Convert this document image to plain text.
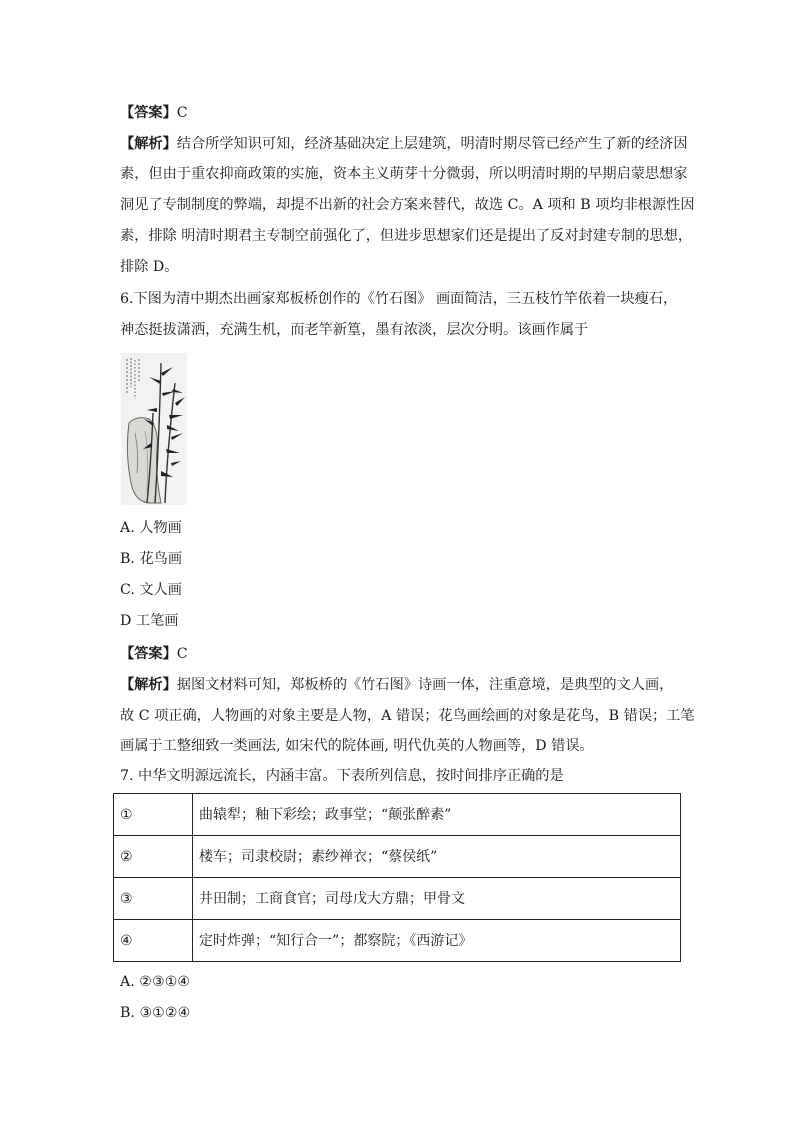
【答案】C
【解析】结合所学知识可知，经济基础决定上层建筑，明清时期尽管已经产生了新的经济因
素，但由于重农抑商政策的实施，资本主义萌芽十分微弱，所以明清时期的早期启蒙思想家
洞见了专制制度的弊端，却提不出新的社会方案来替代，故选 C。A 项和 B 项均非根源性因
素，排除 明清时期君主专制空前强化了，但进步思想家们还是提出了反对封建专制的思想，
排除 D。
6.下图为清中期杰出画家郑板桥创作的《竹石图》 画面简洁，三五枝竹竿依着一块瘦石，
神态挺拔潇洒，充满生机，而老竿新篁，墨有浓淡，层次分明。该画作属于
A. 人物画
B. 花鸟画
C. 文人画
D 工笔画
【答案】C
【解析】据图文材料可知，郑板桥的《竹石图》诗画一体，注重意境，是典型的文人画，
故 C 项正确，人物画的对象主要是人物，A 错误；花鸟画绘画的对象是花鸟，B 错误；工笔
画属于工整细致一类画法, 如宋代的院体画, 明代仇英的人物画等，D 错误。
7. 中华文明源远流长，内涵丰富。下表所列信息，按时间排序正确的是
①	曲辕犁；釉下彩绘；政事堂；“颠张醉素”
②	楼车；司隶校尉；素纱禅衣；“蔡侯纸”
③	井田制；工商食官；司母戊大方鼎；甲骨文
④	定时炸弹；“知行合一”；都察院；《西游记》
A. ②③①④
B. ③①②④
